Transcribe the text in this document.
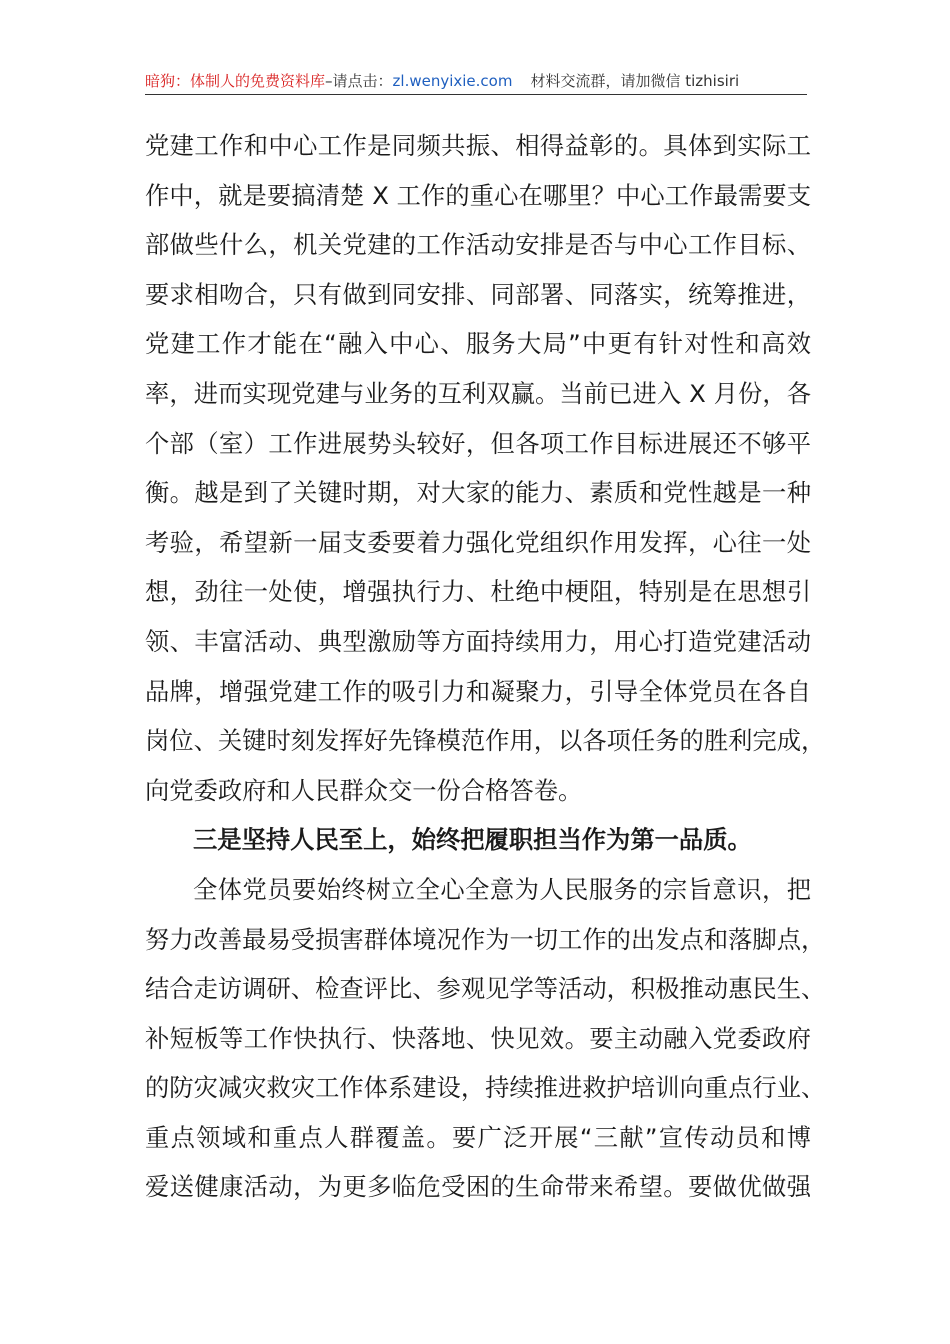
暗狗：体制人的免费资料库–请点击：zl.wenyixie.com 材料交流群，请加微信 tizhisiri
党建工作和中心工作是同频共振、相得益彰的。具体到实际工
作中，就是要搞清楚 X 工作的重心在哪里？中心工作最需要支
部做些什么，机关党建的工作活动安排是否与中心工作目标、
要求相吻合，只有做到同安排、同部署、同落实，统筹推进，
党建工作才能在“融入中心、服务大局”中更有针对性和高效
率，进而实现党建与业务的互利双赢。当前已进入 X 月份，各
个部（室）工作进展势头较好，但各项工作目标进展还不够平
衡。越是到了关键时期，对大家的能力、素质和党性越是一种
考验，希望新一届支委要着力强化党组织作用发挥，心往一处
想，劲往一处使，增强执行力、杜绝中梗阻，特别是在思想引
领、丰富活动、典型激励等方面持续用力，用心打造党建活动
品牌，增强党建工作的吸引力和凝聚力，引导全体党员在各自
岗位、关键时刻发挥好先锋模范作用，以各项任务的胜利完成，
向党委政府和人民群众交一份合格答卷。
三是坚持人民至上，始终把履职担当作为第一品质。
全体党员要始终树立全心全意为人民服务的宗旨意识，把
努力改善最易受损害群体境况作为一切工作的出发点和落脚点，
结合走访调研、检查评比、参观见学等活动，积极推动惠民生、
补短板等工作快执行、快落地、快见效。要主动融入党委政府
的防灾减灾救灾工作体系建设，持续推进救护培训向重点行业、
重点领域和重点人群覆盖。要广泛开展“三献”宣传动员和博
爱送健康活动，为更多临危受困的生命带来希望。要做优做强
